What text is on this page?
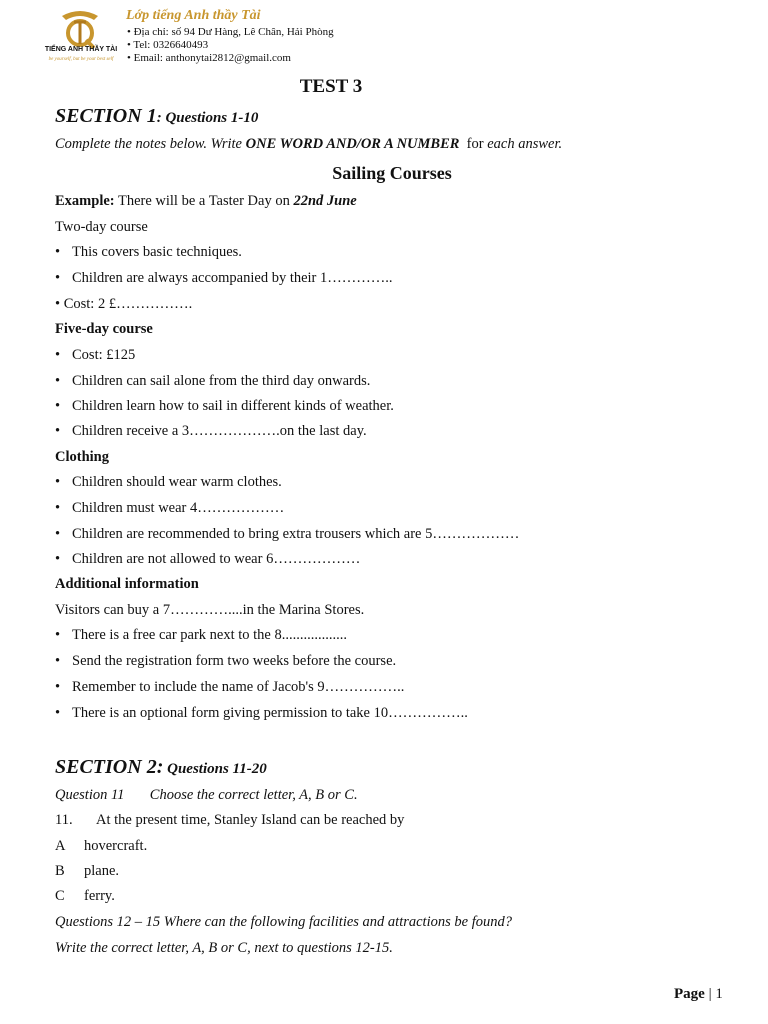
TIẾNG ANH THẦY TÀI
be yourself, but be your best self
Lớp tiếng Anh thầy Tài
• Địa chỉ: số 94 Dư Hàng, Lê Chân, Hải Phòng
• Tel: 0326640493
• Email: anthonytai2812@gmail.com
TEST 3
SECTION 1: Questions 1-10
Complete the notes below. Write ONE WORD AND/OR A NUMBER  for each answer.
Sailing Courses
Example: There will be a Taster Day on 22nd June
Two-day course
• This covers basic techniques.
• Children are always accompanied by their 1…………..
• Cost: 2 £…………….
Five-day course
• Cost: £125
• Children can sail alone from the third day onwards.
• Children learn how to sail in different kinds of weather.
• Children receive a 3……………….on the last day.
Clothing
• Children should wear warm clothes.
• Children must wear 4………………
• Children are recommended to bring extra trousers which are 5………………
• Children are not allowed to wear 6………………
Additional information
Visitors can buy a 7…………....in the Marina Stores.
• There is a free car park next to the 8..................
• Send the registration form two weeks before the course.
• Remember to include the name of Jacob's 9……………..
• There is an optional form giving permission to take 10……………..
SECTION 2: Questions 11-20
Question 11       Choose the correct letter, A, B or C.
11. At the present time, Stanley Island can be reached by
A hovercraft.
B plane.
C ferry.
Questions 12 – 15 Where can the following facilities and attractions be found?
Write the correct letter, A, B or C, next to questions 12-15.
Page | 1
